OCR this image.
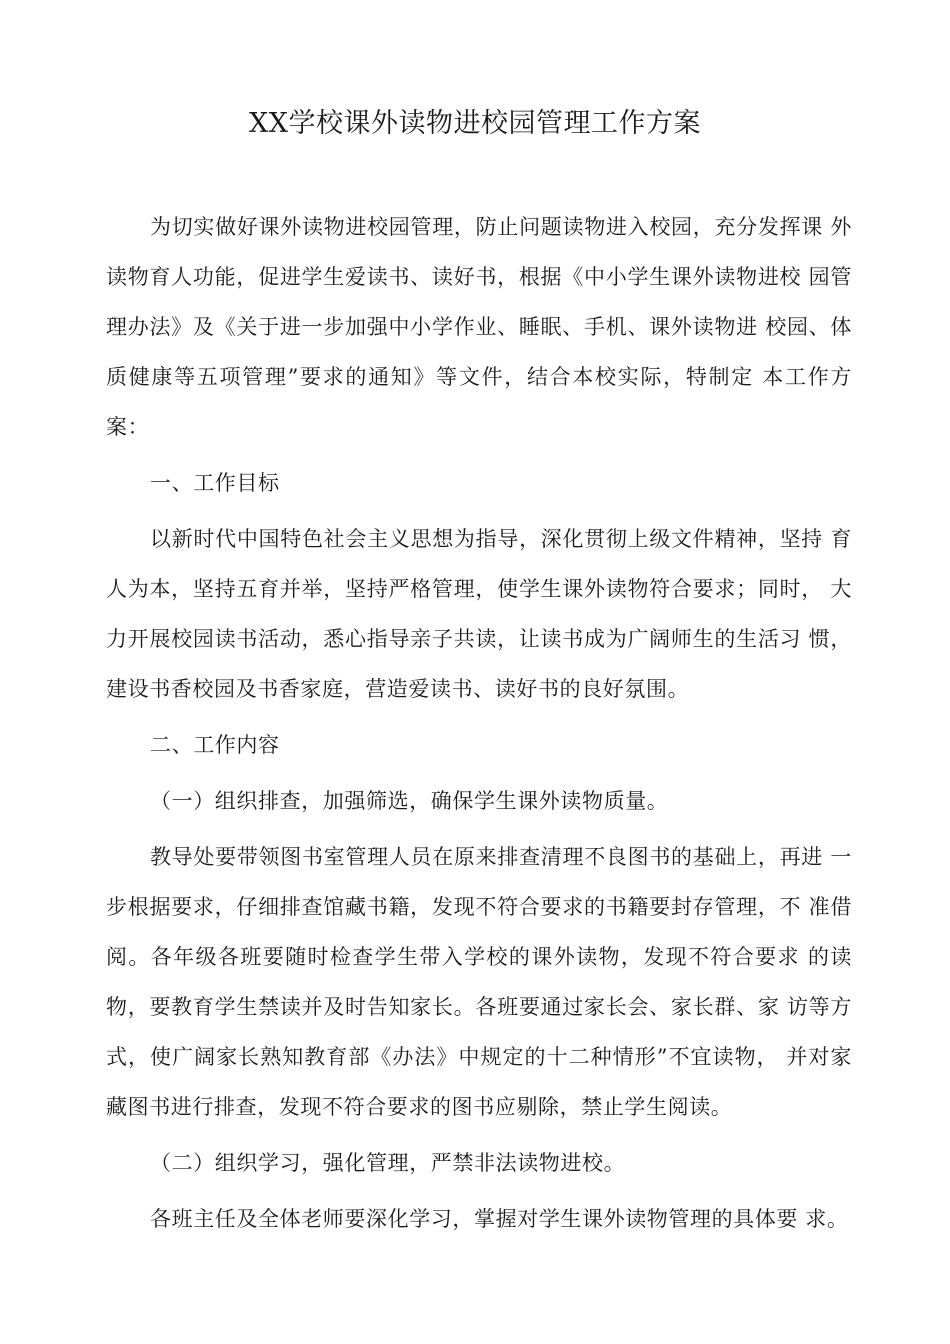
XX学校课外读物进校园管理工作方案

为切实做好课外读物进校园管理，防止问题读物进入校园，充分发挥课 外读物育人功能，促进学生爱读书、读好书，根据《中小学生课外读物进校 园管理办法》及《关于进一步加强中小学作业、睡眠、手机、课外读物进 校园、体质健康等五项管理”要求的通知》等文件，结合本校实际，特制定 本工作方案：

一、工作目标

以新时代中国特色社会主义思想为指导，深化贯彻上级文件精神，坚持 育人为本，坚持五育并举，坚持严格管理，使学生课外读物符合要求；同时， 大力开展校园读书活动，悉心指导亲子共读，让读书成为广阔师生的生活习 惯，建设书香校园及书香家庭，营造爱读书、读好书的良好氛围。

二、工作内容

（一）组织排查，加强筛选，确保学生课外读物质量。

教导处要带领图书室管理人员在原来排查清理不良图书的基础上，再进 一步根据要求，仔细排查馆藏书籍，发现不符合要求的书籍要封存管理，不 准借阅。各年级各班要随时检查学生带入学校的课外读物，发现不符合要求 的读物，要教育学生禁读并及时告知家长。各班要通过家长会、家长群、家 访等方式，使广阔家长熟知教育部《办法》中规定的十二种情形”不宜读物， 并对家藏图书进行排查，发现不符合要求的图书应剔除，禁止学生阅读。

（二）组织学习，强化管理，严禁非法读物进校。

各班主任及全体老师要深化学习，掌握对学生课外读物管理的具体要 求。
